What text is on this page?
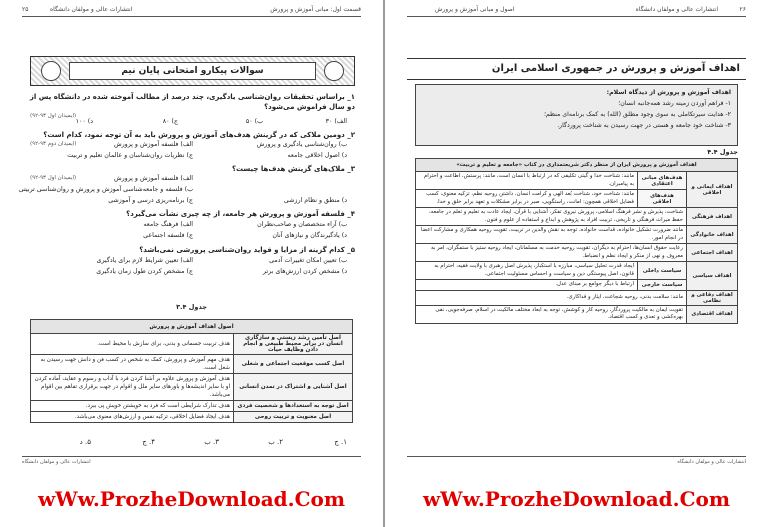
قسمت اول: مبانی آموزش و پرورش
انتشارات عالی و مولفان دانشگاه
۲۵
سوالات پیکارو امتحانی پایان نیم
۱_ براساس تحقیقات روان‌شناسی یادگیری، چند درصد از مطالب آموخته شده در دانشگاه پس از دو سال فراموش می‌شود؟
(ایمیدان اول ۹۳-۹۲)
الف) ۳۰
ب) ۵۰
ج) ۸۰
د) ۱۰۰
۲_ دومین ملاکی که در گزینش هدف‌های آموزش و پرورش باید به آن توجه نمود، کدام است؟
(ایمیدان دوم ۹۳-۹۲)	الف) فلسفه آموزش و پرورش	ب) روان‌شناسی یادگیری و پرورش
ج) نظریات روان‌شناسان و عالمان تعلیم و تربیت	د) اصول اخلاقی جامعه
۳_ ملاک‌های گزینش هدف‌ها چیست؟
(ایمیدان اول ۹۳-۹۲)	الف) فلسفه آموزش و پرورش
ب) فلسفه و جامعه‌شناسی آموزش و پرورش و روان‌شناسی تربیتی
ج) برنامه‌ریزی درسی و آموزشی	د) منطق و نظام ارزشی
۴_ فلسفه آموزش و پرورش هر جامعه، از چه چیزی نشأت می‌گیرد؟
الف) فرهنگ جامعه	ب) آراء متخصصان و صاحب‌نظران
ج) فلسفه اجتماعی	د) یادگیرندگان و نیازهای آنان
۵_ کدام گزینه از مزایا و فواید روان‌شناسی پرورشی نمی‌باشد؟
الف) تعیین شرایط لازم برای یادگیری	ب) تعیین امکان تغییرات آدمی
ج) مشخص کردن طول زمان یادگیری	د) مشخص کردن ارزش‌های برتر
جدول ۳.۴
اصول اهداف آموزش و پرورش	
اصل تأمین رشد زیستی و سازگاری انسان در برابر محیط طبیعی و انجام دادن وظایف حیات	هدف تربیت جسمانی و بدنی، برای سازش با محیط است.
اصل کسب موقعیت اجتماعی و شغلی	هدف مهم آموزش و پرورش، کمک به شخص در کسب فن و دانش جهت رسیدن به شغل است.
اصل آشنایی و اشتراک در تمدن انسانی	هدف آموزش و پرورش علاوه بر آشنا کردن فرد با آداب و رسوم و عقاید، آماده کردن او با سایر اندیشه‌ها و باورهای سایر ملل و اقوام در جهت برقراری تفاهم بین اقوام می‌باشد.
اصل توجه به استعدادها و شخصیت فردی	هدف تدارک شرایطی است که فرد به خویشتن خویش پی ببرد.
اصل معنویت و تربیت روحی	هدف ایجاد فضایل اخلاقی، تزکیه نفس و ارزش‌های معنوی می‌باشد.
۱. ج
۲. ب
۳. ب
۴. ج
۵. د
انتشارات عالی و مولفان دانشگاه
wWw.ProzheDownload.Com
اصول و مبانی آموزش و پرورش	انتشارات عالی و مولفان دانشگاه	۲۶
اهداف آموزش و پرورش در جمهوری اسلامی ایران
اهداف آموزش و پرورش از دیدگاه اسلام:
۱- فراهم آوردن زمینه رشد همه‌جانبه انسان؛
۲- هدایت سیرتکاملی به سوی وجود مطلق (الله) به کمک برنامه‌ای منظم؛
۳- شناخت خود جامعه و هستی در جهت رسیدن به شناخت پروردگار.
جدول ۴.۴
اهداف آموزش و پرورش ایران از منظر دکتر شریعتمداری در کتاب «جامعه و تعلیم و تربیت»		
اهداف ایمانی و اخلاقی	هدف‌های مبانی اعتقادی	مانند: شناخت خدا و گیتی تکلیفی که در ارتباط با انسان است، مانند: پرستش، اطاعت و احترام به پیامبران.
	هدف‌های اخلاقی	مانند: شناخت خود، شناخت بُعد الهی و کرامت انسان، داشتن روحیه نظم، تزکیه معنوی، کسب فضایل اخلاقی همچون: امانت، راستگویی، صبر در برابر مشکلات و تعهد برابر خلق و خدا.
اهداف فرهنگی	شناخت، پذیرش و نشر فرهنگ اسلامی، پرورش نیروی تفکر، آشنایی با قرآن، ایجاد عادت به تعلیم و تعلم در جامعه، حفظ میراث فرهنگی و تاریخی، تربیت افراد به پژوهش و ابداع و استفاده از علوم و فنون.	
اهداف خانوادگی	مانند ضرورت تشکیل خانواده، قداست خانواده، توجه به نقش والدین در تربیت، تقویت روحیه همکاری و مشارکت اعضا در انجام امور.	
اهداف اجتماعی	رعایت حقوق انسان‌ها، احترام به دیگران، تقویت روحیه خدمت به مسلمانان، ایجاد روحیه ستیز با ستمگران، امر به معروف و نهی از منکر و ایجاد نظم و انضباط.	
اهداف سیاسی	سیاست داخلی	ایجاد قدرت تحلیل سیاسی، مبارزه با استکبار، پذیرش اصل رهبری با ولایت فقیه، احترام به قانون، اصل پیوستگی دین و سیاست و احساس مسئولیت اجتماعی.
	سیاست خارجی	ارتباط با دیگر جوامع بر مبنای عدل.
اهداف دفاعی و نظامی	مانند: سلامت بدنی، روحیه شجاعت، ایثار و فداکاری.	
اهداف اقتصادی	تقویت ایمان به مالکیت پروردگار، روحیه کار و کوشش، توجه به ابعاد مختلف مالکیت در اسلام، صرفه‌جویی، نفی بهره‌کشی و تعدی و کسب اقتصاد.	
انتشارات عالی و مولفان دانشگاه
wWw.ProzheDownload.Com
